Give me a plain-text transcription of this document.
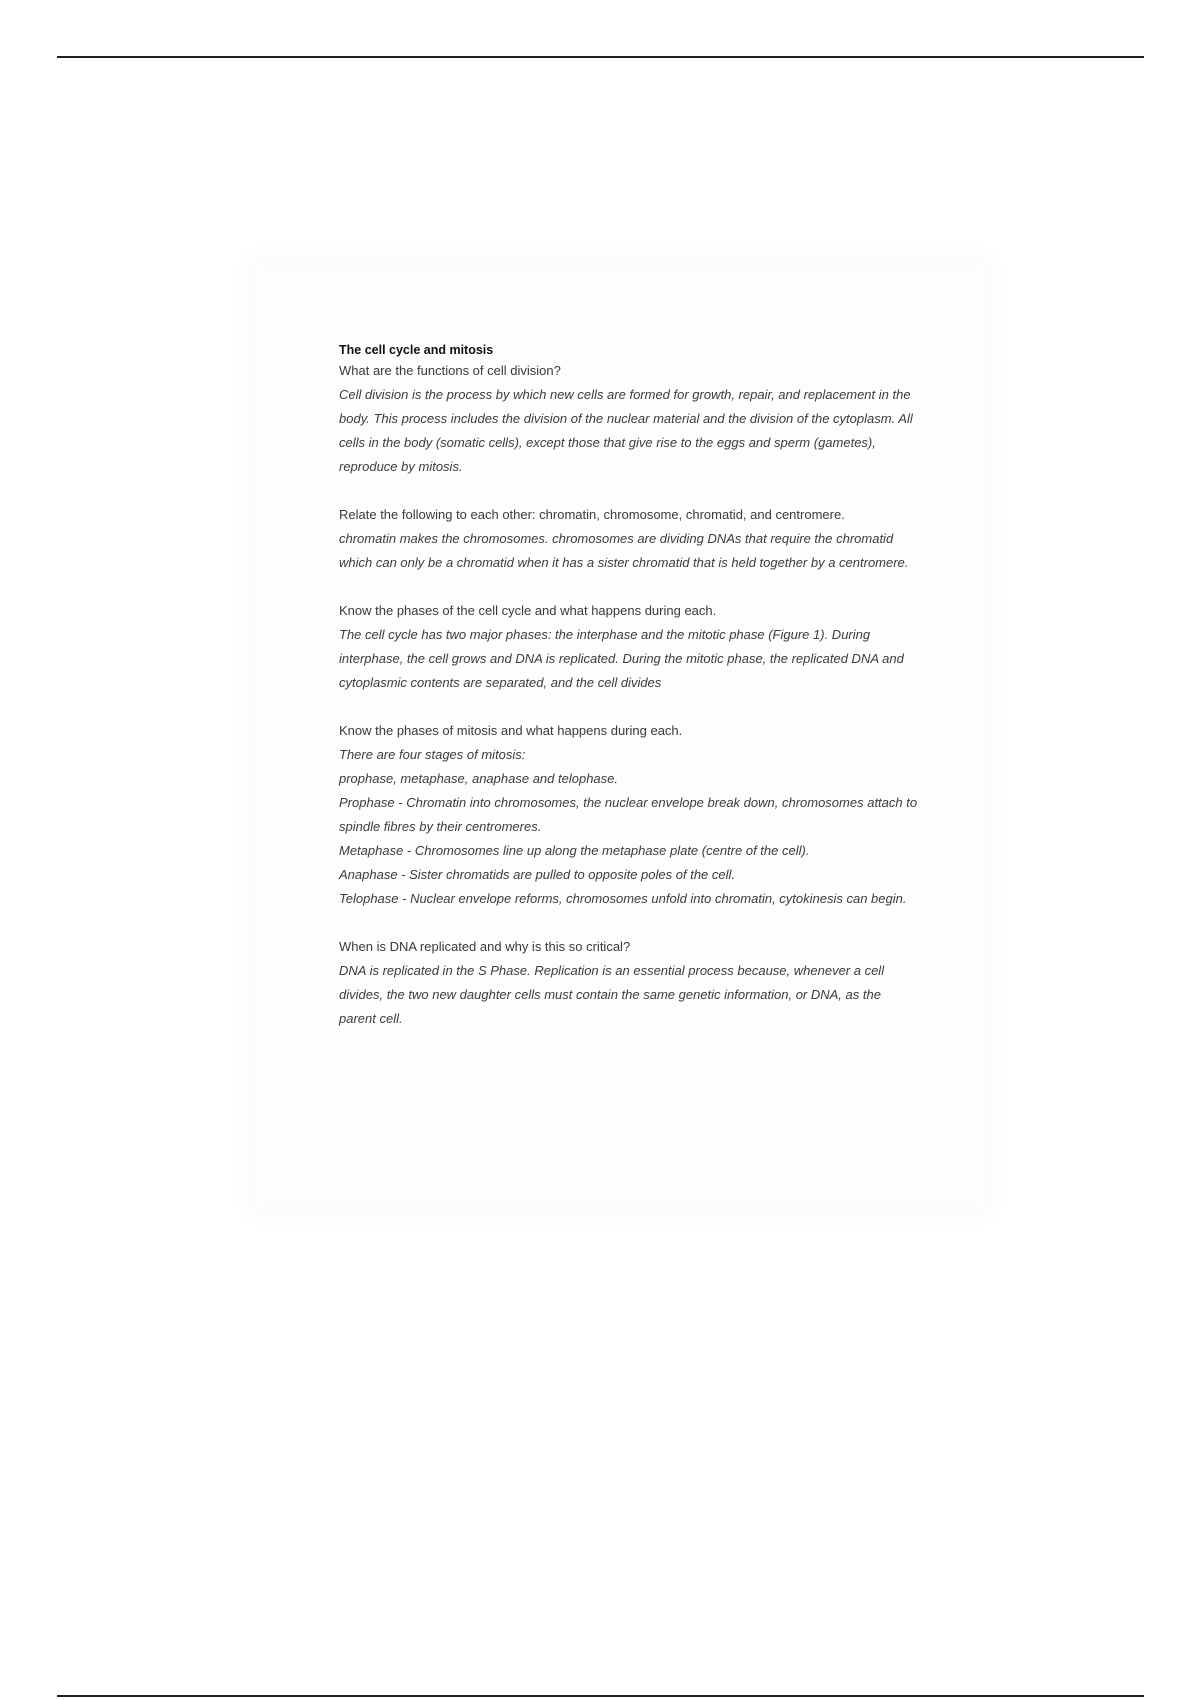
The cell cycle and mitosis

What are the functions of cell division?

Cell division is the process by which new cells are formed for growth, repair, and replacement in the body. This process includes the division of the nuclear material and the division of the cytoplasm. All cells in the body (somatic cells), except those that give rise to the eggs and sperm (gametes), reproduce by mitosis.

Relate the following to each other: chromatin, chromosome, chromatid, and centromere.

chromatin makes the chromosomes. chromosomes are dividing DNAs that require the chromatid which can only be a chromatid when it has a sister chromatid that is held together by a centromere.

Know the phases of the cell cycle and what happens during each.

The cell cycle has two major phases: the interphase and the mitotic phase (Figure 1). During interphase, the cell grows and DNA is replicated. During the mitotic phase, the replicated DNA and cytoplasmic contents are separated, and the cell divides

Know the phases of mitosis and what happens during each.

There are four stages of mitosis:
prophase, metaphase, anaphase and telophase.
Prophase - Chromatin into chromosomes, the nuclear envelope break down, chromosomes attach to spindle fibres by their centromeres.
Metaphase - Chromosomes line up along the metaphase plate (centre of the cell).
Anaphase - Sister chromatids are pulled to opposite poles of the cell.
Telophase - Nuclear envelope reforms, chromosomes unfold into chromatin, cytokinesis can begin.

When is DNA replicated and why is this so critical?

DNA is replicated in the S Phase. Replication is an essential process because, whenever a cell divides, the two new daughter cells must contain the same genetic information, or DNA, as the parent cell.
